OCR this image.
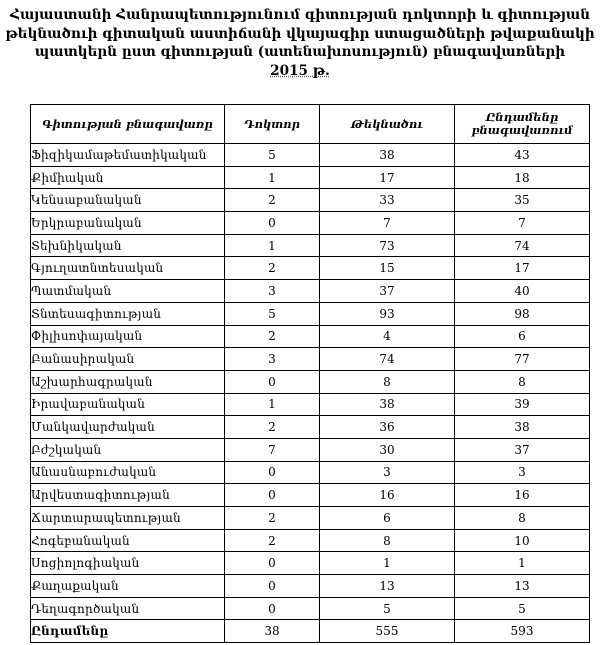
Հայաստանի Հանրապետությունում գիտության դոկտորի և գիտության
թեկնածուի գիտական աստիճանի վկայագիր ստացածների թվաքանակի
պատկերն ըստ գիտության (ատենախոսություն) բնագավառների
2015 թ.
Գիտության բնագավառը	Դոկտոր	Թեկնածու	Ընդամենը բնագավառում
Ֆիզիկամաթեմատիկական	5	38	43
Քիմիական	1	17	18
Կենսաբանական	2	33	35
Երկրաբանական	0	7	7
Տեխնիկական	1	73	74
Գյուղատնտեսական	2	15	17
Պատմական	3	37	40
Տնտեսագիտության	5	93	98
Փիլիսոփայական	2	4	6
Բանասիրական	3	74	77
Աշխարհագրական	0	8	8
Իրավաբանական	1	38	39
Մանկավարժական	2	36	38
Բժշկական	7	30	37
Անասնաբուժական	0	3	3
Արվեստագիտության	0	16	16
Ճարտարապետության	2	6	8
Հոգեբանական	2	8	10
Սոցիոլոգիական	0	1	1
Քաղաքական	0	13	13
Դեղագործական	0	5	5
Ընդամենը	38	555	593
